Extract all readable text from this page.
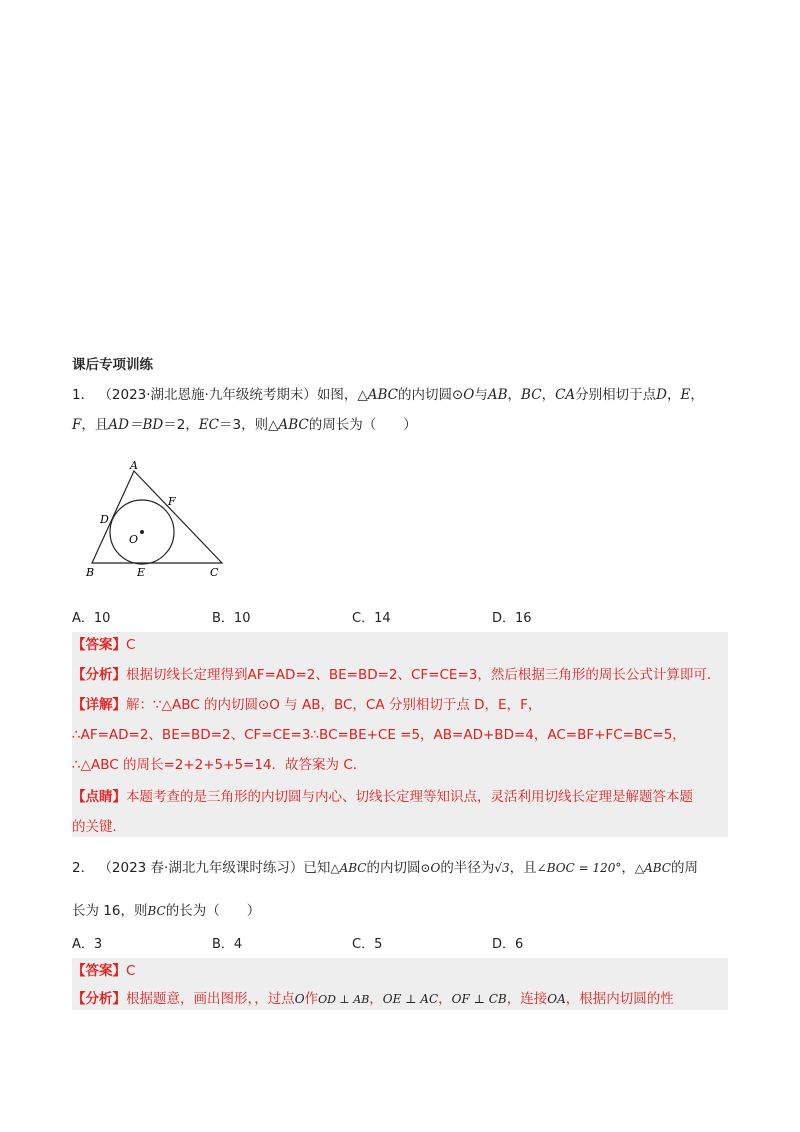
课后专项训练
1． （2023·湖北恩施·九年级统考期末）如图，△ABC的内切圆⊙O与AB，BC，CA分别相切于点D，E，
F，且AD＝BD＝2，EC＝3，则△ABC的周长为（　　）
A
B	C
D
E
F
O
A．10	B．10	C．14	D．16
【答案】C
【分析】根据切线长定理得到AF=AD=2、BE=BD=2、CF=CE=3，然后根据三角形的周长公式计算即可．
【详解】解：∵△ABC 的内切圆⊙O 与 AB，BC，CA 分别相切于点 D，E，F，
∴AF=AD=2、BE=BD=2、CF=CE=3∴BC=BE+CE =5，AB=AD+BD=4，AC=BF+FC=BC=5，
∴△ABC 的周长=2+2+5+5=14．故答案为 C．
【点睛】本题考查的是三角形的内切圆与内心、切线长定理等知识点，灵活利用切线长定理是解题答本题
的关键．
2． （2023 春·湖北九年级课时练习）已知△ABC的内切圆⊙O的半径为√3，且∠BOC = 120°，△ABC的周
长为 16，则BC的长为（　　）
A．3	B．4	C．5	D．6
【答案】C
【分析】根据题意，画出图形，，过点O作OD ⊥ AB，OE ⊥ AC，OF ⊥ CB，连接OA，根据内切圆的性
